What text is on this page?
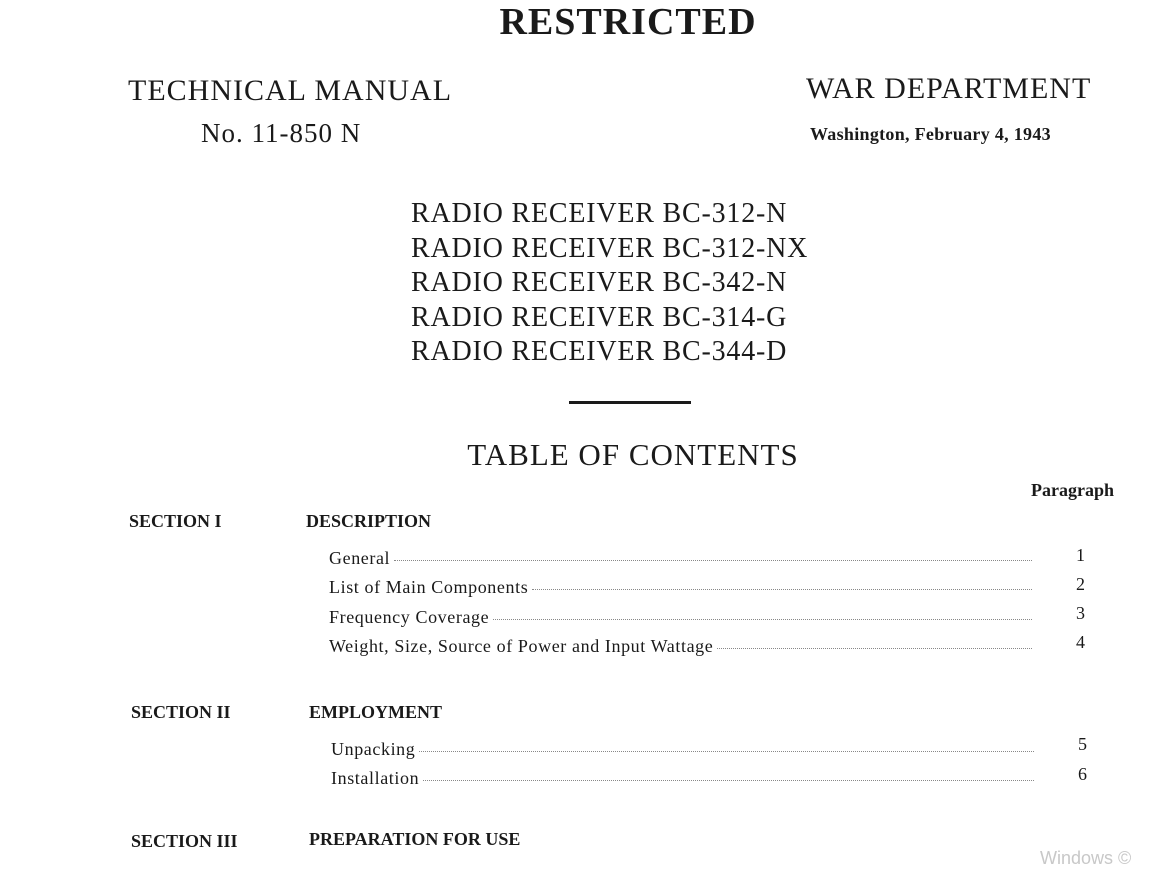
RESTRICTED
TECHNICAL MANUAL
No. 11-850 N
WAR DEPARTMENT
Washington, February 4, 1943
RADIO RECEIVER BC-312-N
RADIO RECEIVER BC-312-NX
RADIO RECEIVER BC-342-N
RADIO RECEIVER BC-314-G
RADIO RECEIVER BC-344-D
TABLE OF CONTENTS
Paragraph
SECTION I	DESCRIPTION
General	1
List of Main Components	2
Frequency Coverage	3
Weight, Size, Source of Power and Input Wattage	4
SECTION II	EMPLOYMENT
Unpacking	5
Installation	6
SECTION III	PREPARATION FOR USE
Windows ©
